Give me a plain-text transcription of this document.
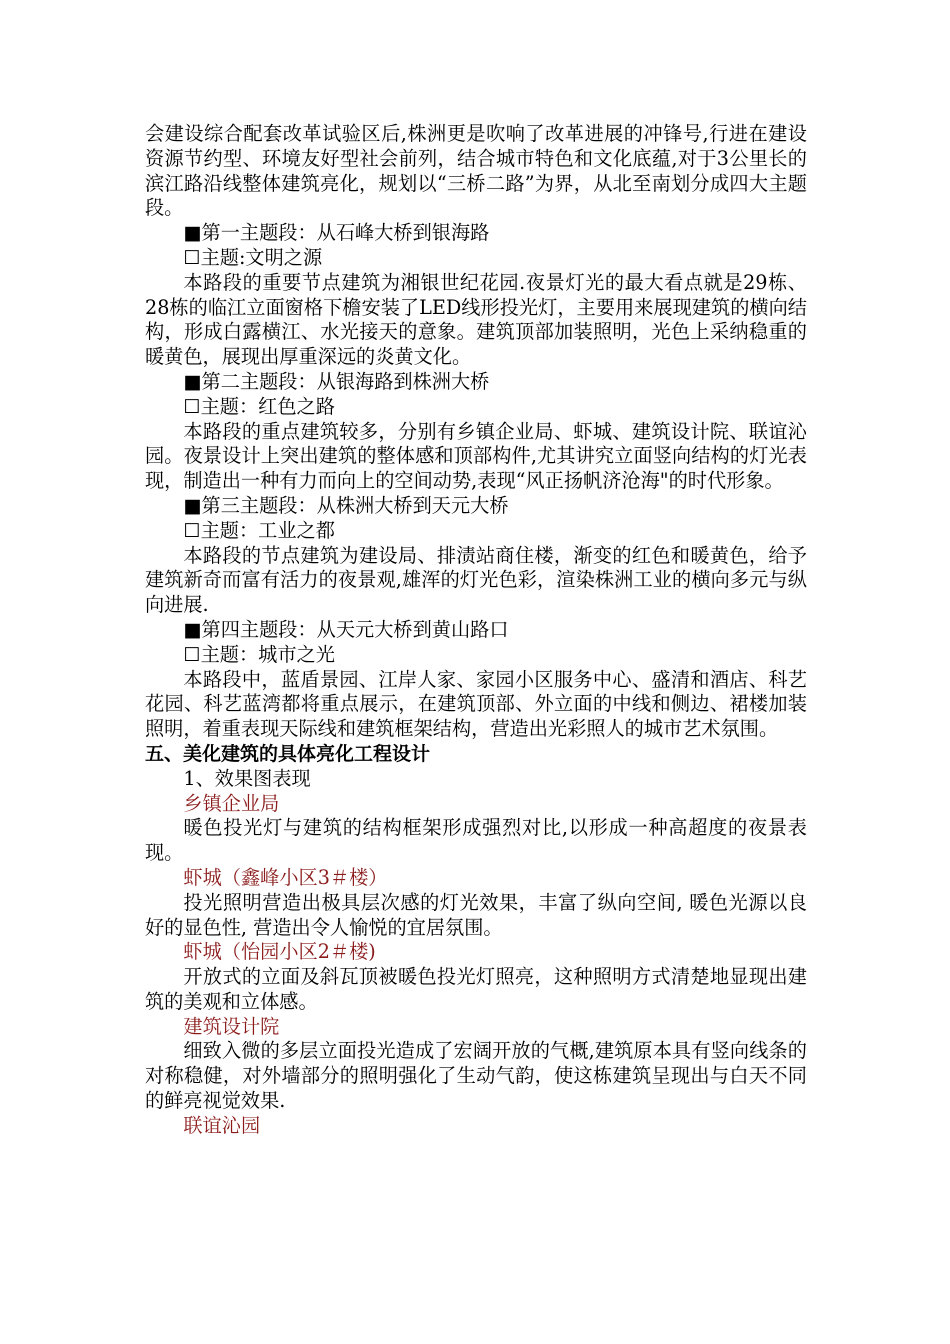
会建设综合配套改革试验区后,株洲更是吹响了改革进展的冲锋号,行进在建设资源节约型、环境友好型社会前列，结合城市特色和文化底蕴,对于3公里长的滨江路沿线整体建筑亮化，规划以“三桥二路”为界，从北至南划分成四大主题段。

■第一主题段：从石峰大桥到银海路

☐主题:文明之源

本路段的重要节点建筑为湘银世纪花园.夜景灯光的最大看点就是29栋、28栋的临江立面窗格下檐安装了LED线形投光灯，主要用来展现建筑的横向结构，形成白露横江、水光接天的意象。建筑顶部加装照明，光色上采纳稳重的暖黄色，展现出厚重深远的炎黄文化。

■第二主题段：从银海路到株洲大桥

☐主题：红色之路

本路段的重点建筑较多，分别有乡镇企业局、虾城、建筑设计院、联谊沁园。夜景设计上突出建筑的整体感和顶部构件,尤其讲究立面竖向结构的灯光表现，制造出一种有力而向上的空间动势,表现“风正扬帆济沧海"的时代形象。

■第三主题段：从株洲大桥到天元大桥

☐主题：工业之都

本路段的节点建筑为建设局、排渍站商住楼，渐变的红色和暖黄色，给予建筑新奇而富有活力的夜景观,雄浑的灯光色彩，渲染株洲工业的横向多元与纵向进展.

■第四主题段：从天元大桥到黄山路口

☐主题：城市之光

本路段中，蓝盾景园、江岸人家、家园小区服务中心、盛清和酒店、科艺花园、科艺蓝湾都将重点展示，在建筑顶部、外立面的中线和侧边、裙楼加装照明，着重表现天际线和建筑框架结构，营造出光彩照人的城市艺术氛围。

五、美化建筑的具体亮化工程设计

1、效果图表现

乡镇企业局

暖色投光灯与建筑的结构框架形成强烈对比,以形成一种高超度的夜景表现。

虾城（鑫峰小区3＃楼）

投光照明营造出极具层次感的灯光效果，丰富了纵向空间, 暖色光源以良好的显色性, 营造出令人愉悦的宜居氛围。

虾城（怡园小区2＃楼)

开放式的立面及斜瓦顶被暖色投光灯照亮，这种照明方式清楚地显现出建筑的美观和立体感。

建筑设计院

细致入微的多层立面投光造成了宏阔开放的气概,建筑原本具有竖向线条的对称稳健，对外墙部分的照明强化了生动气韵，使这栋建筑呈现出与白天不同的鲜亮视觉效果.

联谊沁园
